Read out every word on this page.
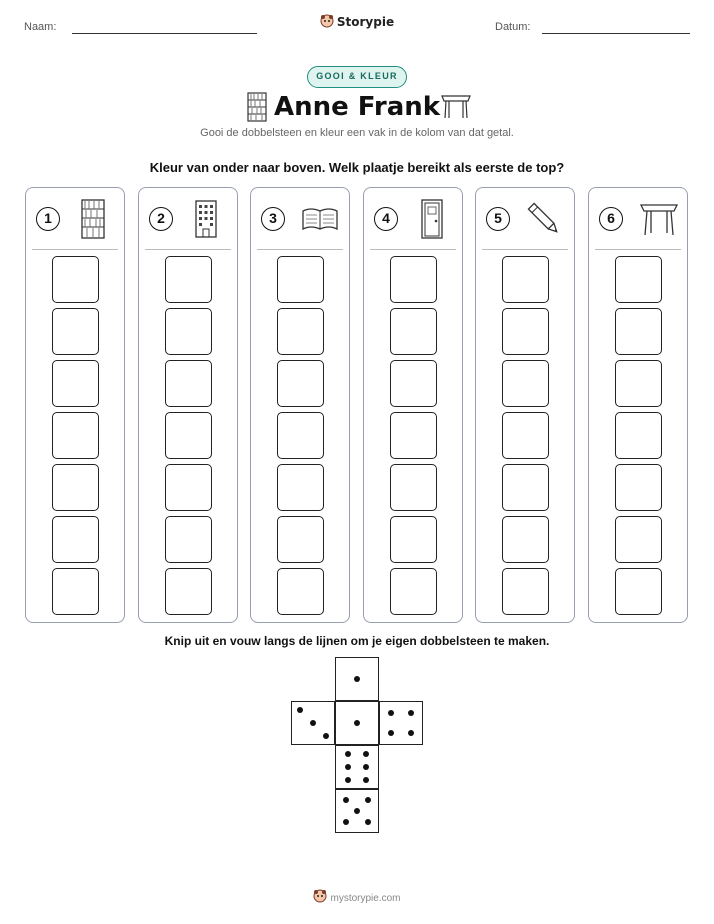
Naam:	Storypie	Datum:
GOOI & KLEUR
Anne Frank
Gooi de dobbelsteen en kleur een vak in de kolom van dat getal.
Kleur van onder naar boven. Welk plaatje bereikt als eerste de top?
1	2	3	4	5	6
Knip uit en vouw langs de lijnen om je eigen dobbelsteen te maken.
mystorypie.com
